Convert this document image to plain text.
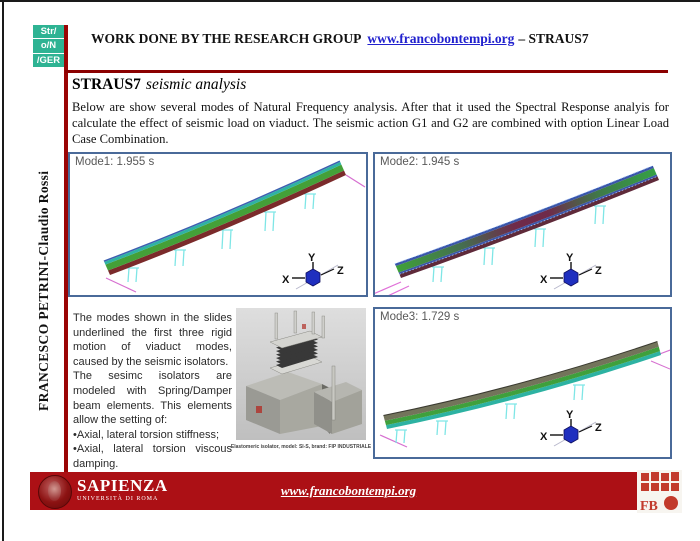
Str/
o/N
/GER
WORK DONE BY THE RESEARCH GROUP www.francobontempi.org – STRAUS7
STRAUS7 seismic analysis
Below are show several modes of Natural Frequency analysis. After that it used the Spectral Response analyis for calculate the effect of seismic load on viaduct. The seismic action G1 and G2 are combined with option Linear Load Case Combination.
FRANCESCO PETRINI-Claudio Rossi
Mode1: 1.955 s
X
Y
Z
Mode2: 1.945 s
X
Y
Z
The modes shown in the slides underlined the first three rigid motion of viaduct modes, caused by the seismic isolators.
The sesimc isolators are modeled with Spring/Damper beam elements. This elements allow the setting of:
•Axial, lateral torsion stiffness;
•Axial, lateral torsion viscous damping.
Elastomeric isolator, model: SI-S, brand: FIP INDUSTRIALE
Mode3: 1.729 s
X
Y
Z
SAPIENZA
UNIVERSITÀ DI ROMA
www.francobontempi.org
FB
